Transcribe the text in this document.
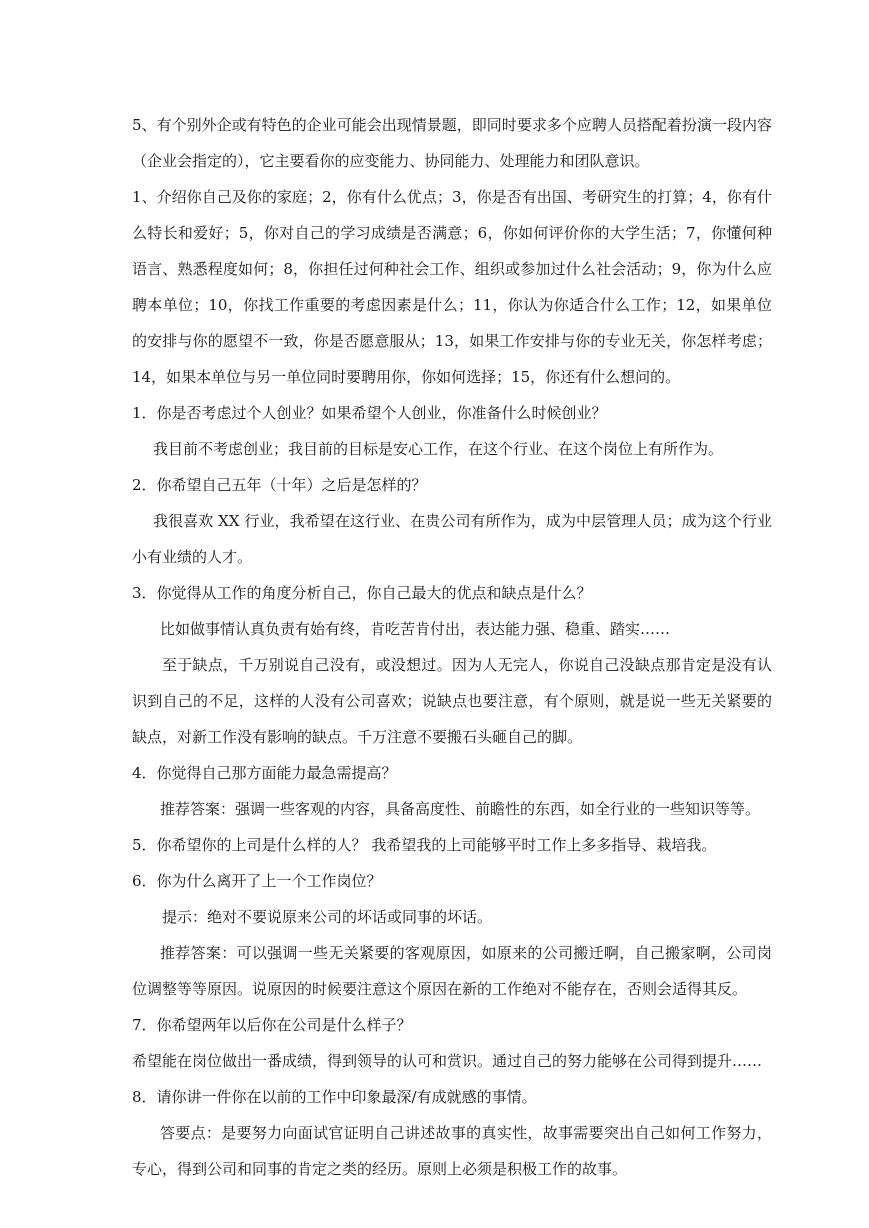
5、有个别外企或有特色的企业可能会出现情景题，即同时要求多个应聘人员搭配着扮演一段内容（企业会指定的），它主要看你的应变能力、协同能力、处理能力和团队意识。

1、介绍你自己及你的家庭；2，你有什么优点；3，你是否有出国、考研究生的打算；4，你有什么特长和爱好；5，你对自己的学习成绩是否满意；6，你如何评价你的大学生活；7，你懂何种语言、熟悉程度如何；8，你担任过何种社会工作、组织或参加过什么社会活动；9，你为什么应聘本单位；10，你找工作重要的考虑因素是什么；11，你认为你适合什么工作；12，如果单位的安排与你的愿望不一致，你是否愿意服从；13，如果工作安排与你的专业无关，你怎样考虑；14，如果本单位与另一单位同时要聘用你，你如何选择；15，你还有什么想问的。

1．你是否考虑过个人创业？如果希望个人创业，你准备什么时候创业？

我目前不考虑创业；我目前的目标是安心工作，在这个行业、在这个岗位上有所作为。

2．你希望自己五年（十年）之后是怎样的？

我很喜欢 XX 行业，我希望在这行业、在贵公司有所作为，成为中层管理人员；成为这个行业小有业绩的人才。

3．你觉得从工作的角度分析自己，你自己最大的优点和缺点是什么？

比如做事情认真负责有始有终，肯吃苦肯付出，表达能力强、稳重、踏实……

至于缺点，千万别说自己没有，或没想过。因为人无完人，你说自己没缺点那肯定是没有认识到自己的不足，这样的人没有公司喜欢；说缺点也要注意，有个原则，就是说一些无关紧要的缺点，对新工作没有影响的缺点。千万注意不要搬石头砸自己的脚。

4．你觉得自己那方面能力最急需提高？

推荐答案：强调一些客观的内容，具备高度性、前瞻性的东西，如全行业的一些知识等等。

5．你希望你的上司是什么样的人？ 我希望我的上司能够平时工作上多多指导、栽培我。

6．你为什么离开了上一个工作岗位？

提示：绝对不要说原来公司的坏话或同事的坏话。

推荐答案：可以强调一些无关紧要的客观原因，如原来的公司搬迁啊，自己搬家啊，公司岗位调整等等原因。说原因的时候要注意这个原因在新的工作绝对不能存在，否则会适得其反。

7．你希望两年以后你在公司是什么样子？

希望能在岗位做出一番成绩，得到领导的认可和赏识。通过自己的努力能够在公司得到提升……

8．请你讲一件你在以前的工作中印象最深/有成就感的事情。

答要点：是要努力向面试官证明自己讲述故事的真实性，故事需要突出自己如何工作努力，专心，得到公司和同事的肯定之类的经历。原则上必须是积极工作的故事。
